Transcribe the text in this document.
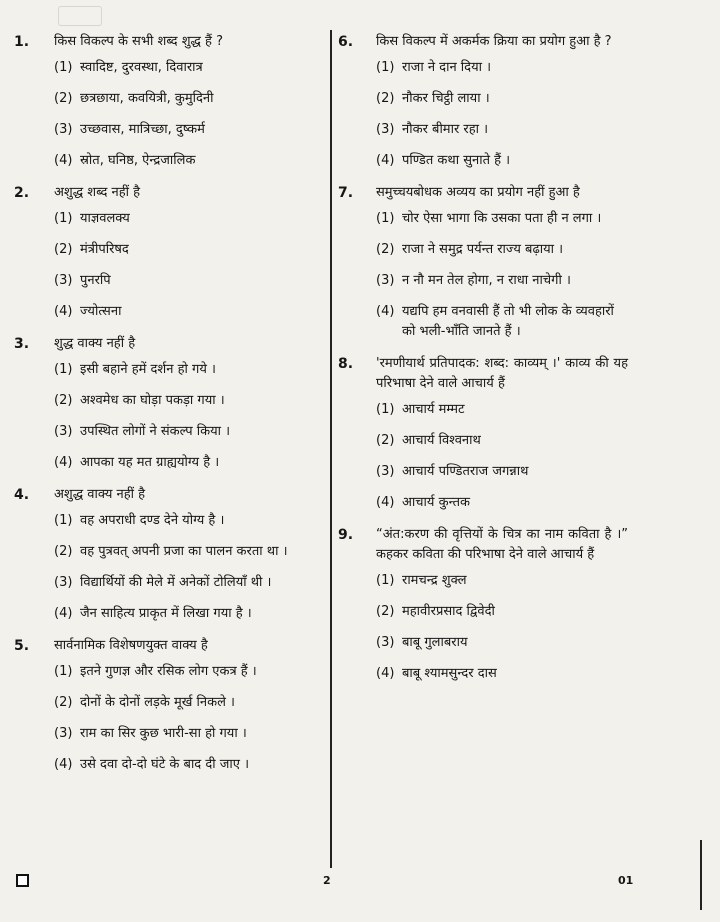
1.	किस विकल्प के सभी शब्द शुद्ध हैं ?
(1) स्वादिष्ट, दुरवस्था, दिवारात्र
(2) छत्रछाया, कवयित्री, कुमुदिनी
(3) उच्छवास, मात्रिच्छा, दुष्कर्म
(4) स्रोत, घनिष्ठ, ऐन्द्रजालिक
2.	अशुद्ध शब्द नहीं है
(1) याज्ञवलक्य
(2) मंत्रीपरिषद
(3) पुनरपि
(4) ज्योत्सना
3.	शुद्ध वाक्य नहीं है
(1) इसी बहाने हमें दर्शन हो गये ।
(2) अश्वमेध का घोड़ा पकड़ा गया ।
(3) उपस्थित लोगों ने संकल्प किया ।
(4) आपका यह मत ग्राह्ययोग्य है ।
4.	अशुद्ध वाक्य नहीं है
(1) वह अपराधी दण्ड देने योग्य है ।
(2) वह पुत्रवत् अपनी प्रजा का पालन करता था ।
(3) विद्यार्थियों की मेले में अनेकों टोलियाँ थी ।
(4) जैन साहित्य प्राकृत में लिखा गया है ।
5.	सार्वनामिक विशेषणयुक्त वाक्य है
(1) इतने गुणज्ञ और रसिक लोग एकत्र हैं ।
(2) दोनों के दोनों लड़के मूर्ख निकले ।
(3) राम का सिर कुछ भारी-सा हो गया ।
(4) उसे दवा दो-दो घंटे के बाद दी जाए ।
6.	किस विकल्प में अकर्मक क्रिया का प्रयोग हुआ है ?
(1) राजा ने दान दिया ।
(2) नौकर चिट्ठी लाया ।
(3) नौकर बीमार रहा ।
(4) पण्डित कथा सुनाते हैं ।
7.	समुच्चयबोधक अव्यय का प्रयोग नहीं हुआ है
(1) चोर ऐसा भागा कि उसका पता ही न लगा ।
(2) राजा ने समुद्र पर्यन्त राज्य बढ़ाया ।
(3) न नौ मन तेल होगा, न राधा नाचेगी ।
(4) यद्यपि हम वनवासी हैं तो भी लोक के व्यवहारों को भली-भाँति जानते हैं ।
8.	'रमणीयार्थ प्रतिपादक: शब्द: काव्यम् ।' काव्य की यह परिभाषा देने वाले आचार्य हैं
(1) आचार्य मम्मट
(2) आचार्य विश्वनाथ
(3) आचार्य पण्डितराज जगन्नाथ
(4) आचार्य कुन्तक
9.	“अंत:करण की वृत्तियों के चित्र का नाम कविता है ।” कहकर कविता की परिभाषा देने वाले आचार्य हैं
(1) रामचन्द्र शुक्ल
(2) महावीरप्रसाद द्विवेदी
(3) बाबू गुलाबराय
(4) बाबू श्यामसुन्दर दास
2	01
